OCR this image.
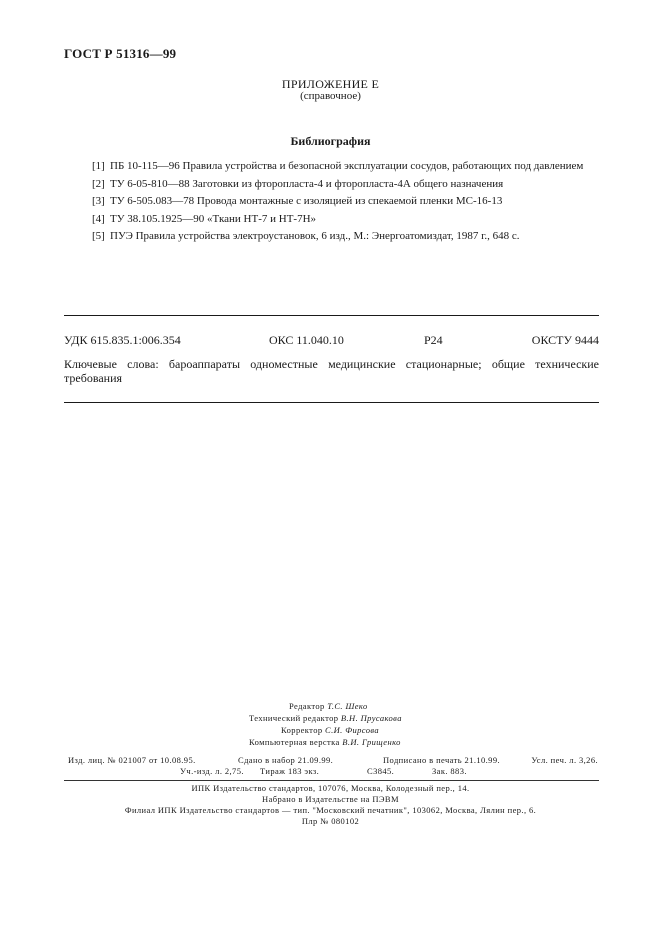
ГОСТ Р 51316—99
ПРИЛОЖЕНИЕ Е
(справочное)
Библиография
[1] ПБ 10-115—96 Правила устройства и безопасной эксплуатации сосудов, работающих под давлением
[2] ТУ 6-05-810—88 Заготовки из фторопласта-4 и фторопласта-4А общего назначения
[3] ТУ 6-505.083—78 Провода монтажные с изоляцией из спекаемой пленки МС-16-13
[4] ТУ 38.105.1925—90 «Ткани НТ-7 и НТ-7Н»
[5] ПУЭ Правила устройства электроустановок, 6 изд., М.: Энергоатомиздат, 1987 г., 648 с.
УДК 615.835.1:006.354	ОКС 11.040.10	Р24	ОКСТУ 9444
Ключевые слова: бароаппараты одноместные медицинские стационарные; общие технические требования
Редактор Т.С. Шеко
Технический редактор В.Н. Прусакова
Корректор С.И. Фирсова
Компьютерная верстка В.И. Грищенко
Изд. лиц. № 021007 от 10.08.95.	Сдано в набор 21.09.99.	Подписано в печать 21.10.99.	Усл. печ. л. 3,26.
Уч.-изд. л. 2,75. Тираж 183 экз.	С3845.	Зак. 883.
ИПК Издательство стандартов, 107076, Москва, Колодезный пер., 14.
Набрано в Издательстве на ПЭВМ
Филиал ИПК Издательство стандартов — тип. "Московский печатник", 103062, Москва, Лялин пер., 6.
Плр № 080102
